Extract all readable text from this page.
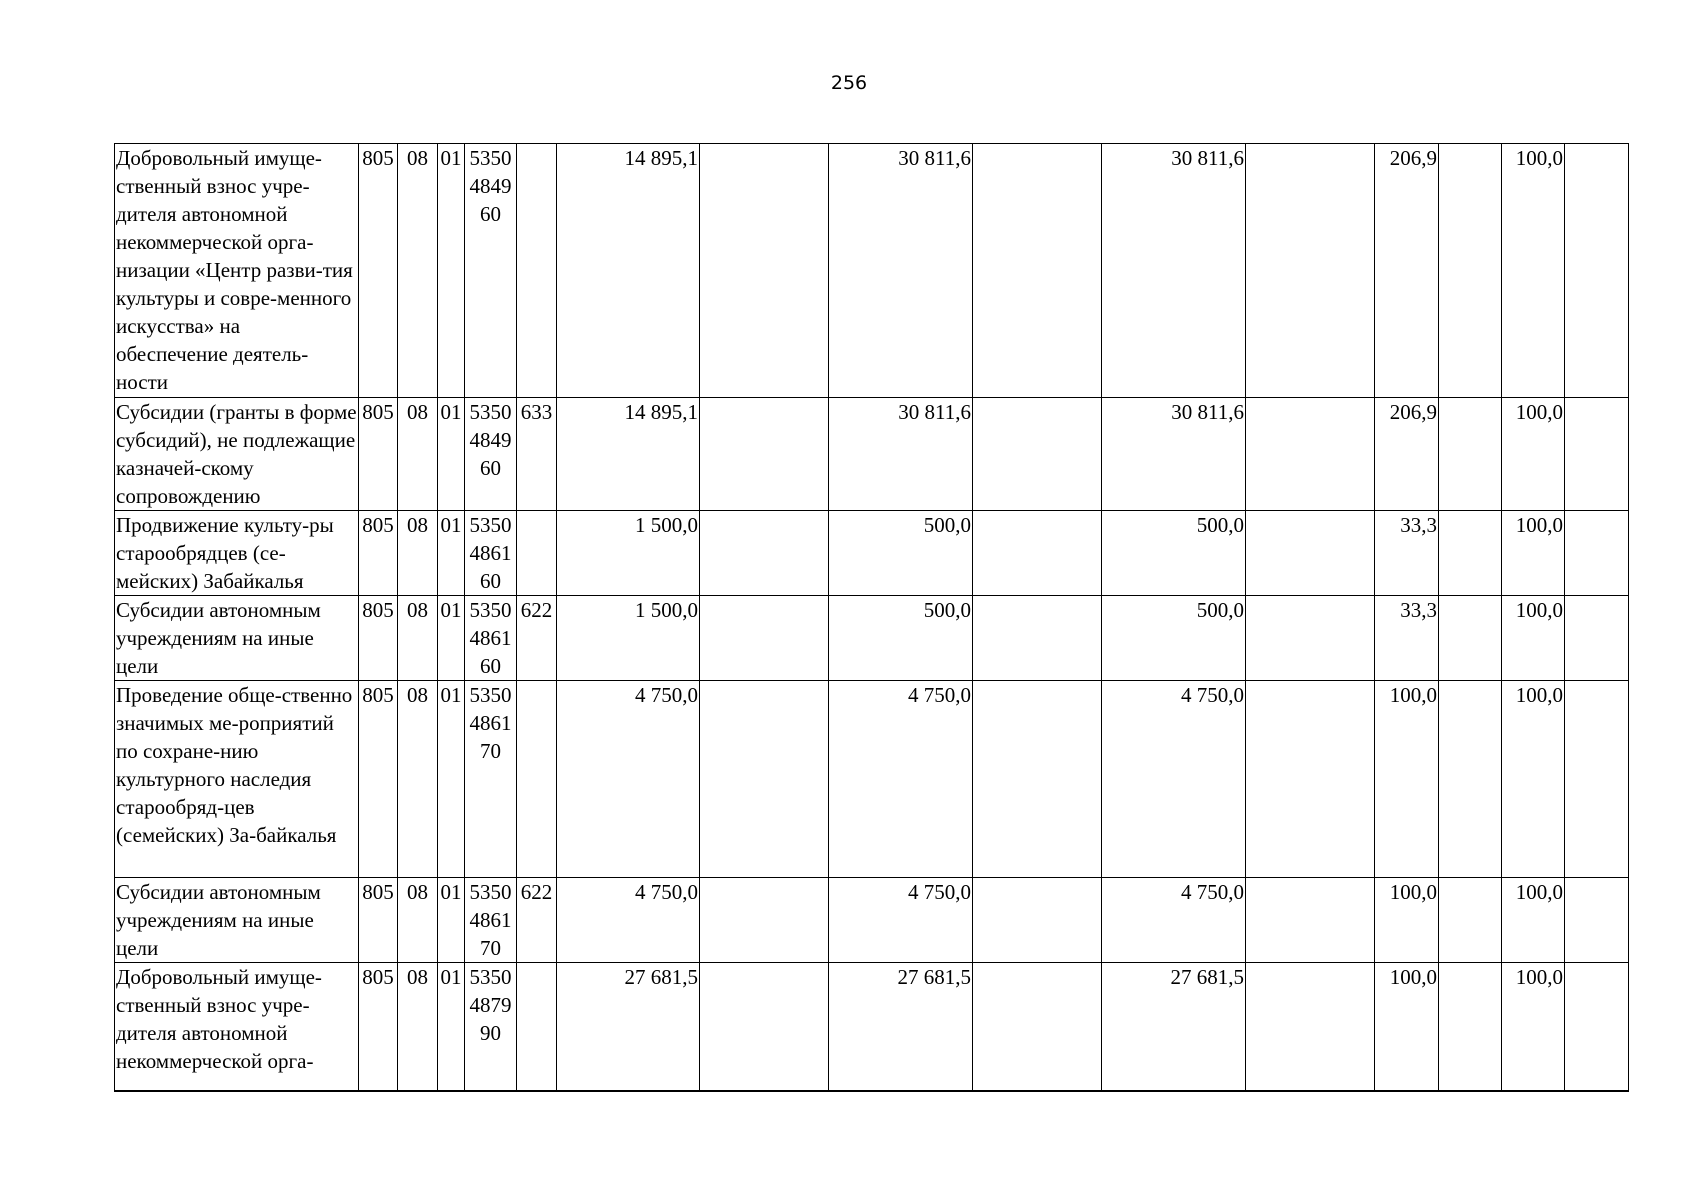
256
Добровольный имуще-ственный взнос учре-дителя автономной некоммерческой орга-низации «Центр разви-тия культуры и совре-менного искусства» на обеспечение деятель-ности	805	08	01	5350484960		14 895,1		30 811,6		30 811,6		206,9		100,0	
Субсидии (гранты в форме субсидий), не подлежащие казначей-скому сопровождению	805	08	01	5350484960	633	14 895,1		30 811,6		30 811,6		206,9		100,0	
Продвижение культу-ры старообрядцев (се-мейских) Забайкалья	805	08	01	5350486160		1 500,0		500,0		500,0		33,3		100,0	
Субсидии автономным учреждениям на иные цели	805	08	01	5350486160	622	1 500,0		500,0		500,0		33,3		100,0	
Проведение обще-ственно значимых ме-роприятий по сохране-нию культурного наследия старообряд-цев (семейских) За-байкалья	805	08	01	5350486170		4 750,0		4 750,0		4 750,0		100,0		100,0	
Субсидии автономным учреждениям на иные цели	805	08	01	5350486170	622	4 750,0		4 750,0		4 750,0		100,0		100,0	
Добровольный имуще-ственный взнос учре-дителя автономной некоммерческой орга-	805	08	01	5350487990		27 681,5		27 681,5		27 681,5		100,0		100,0	
